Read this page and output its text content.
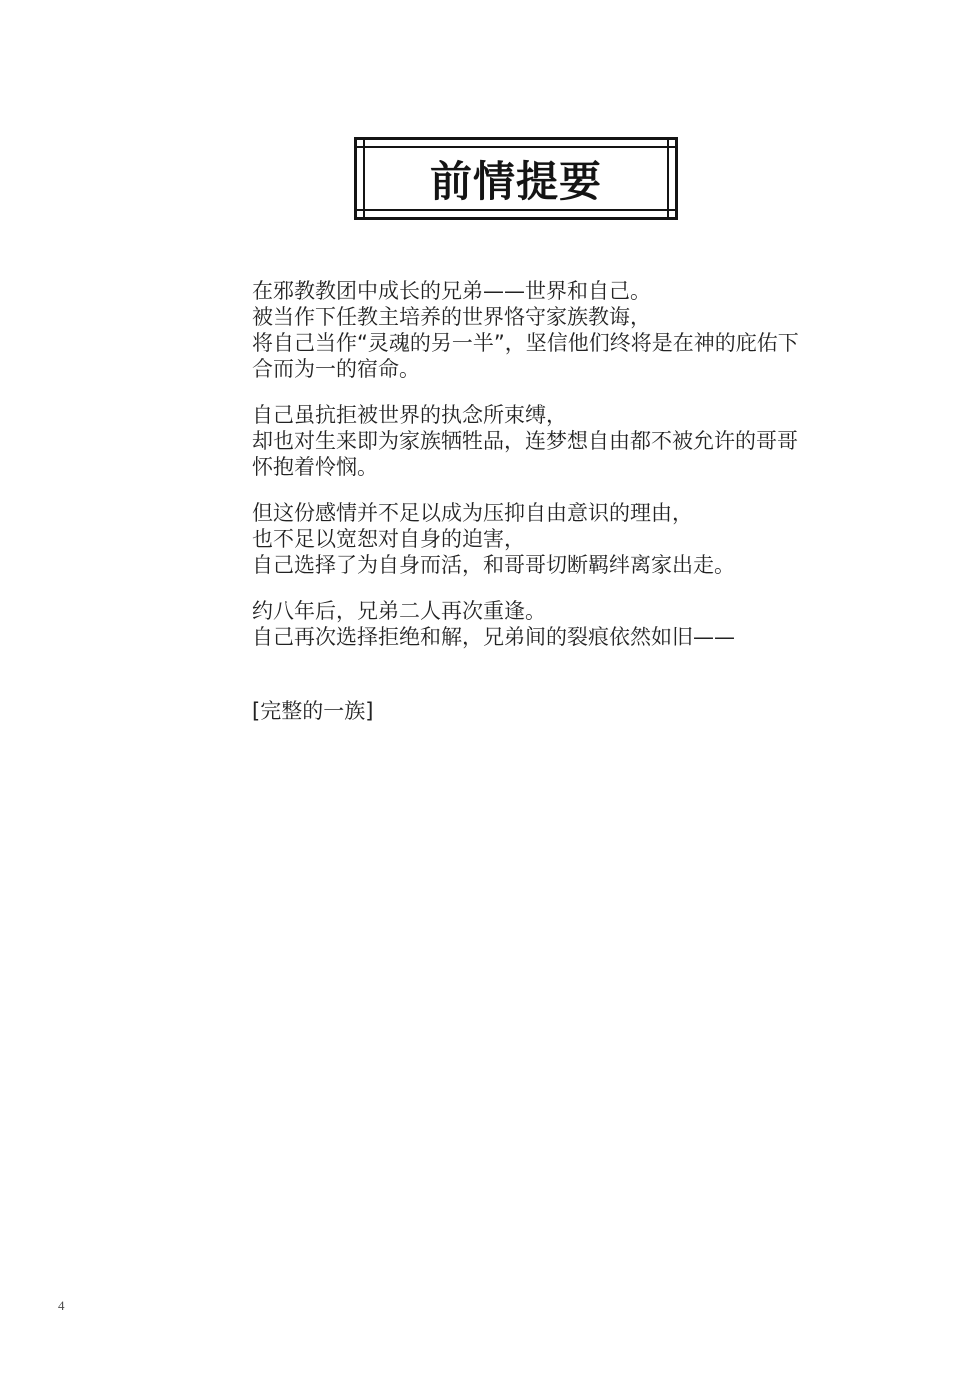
前情提要

在邪教教团中成长的兄弟——世界和自己。
被当作下任教主培养的世界恪守家族教诲，
将自己当作“灵魂的另一半”，坚信他们终将是在神的庇佑下
合而为一的宿命。

自己虽抗拒被世界的执念所束缚，
却也对生来即为家族牺牲品，连梦想自由都不被允许的哥哥
怀抱着怜悯。

但这份感情并不足以成为压抑自由意识的理由，
也不足以宽恕对自身的迫害，
自己选择了为自身而活，和哥哥切断羁绊离家出走。

约八年后，兄弟二人再次重逢。
自己再次选择拒绝和解，兄弟间的裂痕依然如旧——

[完整的一族]

4
